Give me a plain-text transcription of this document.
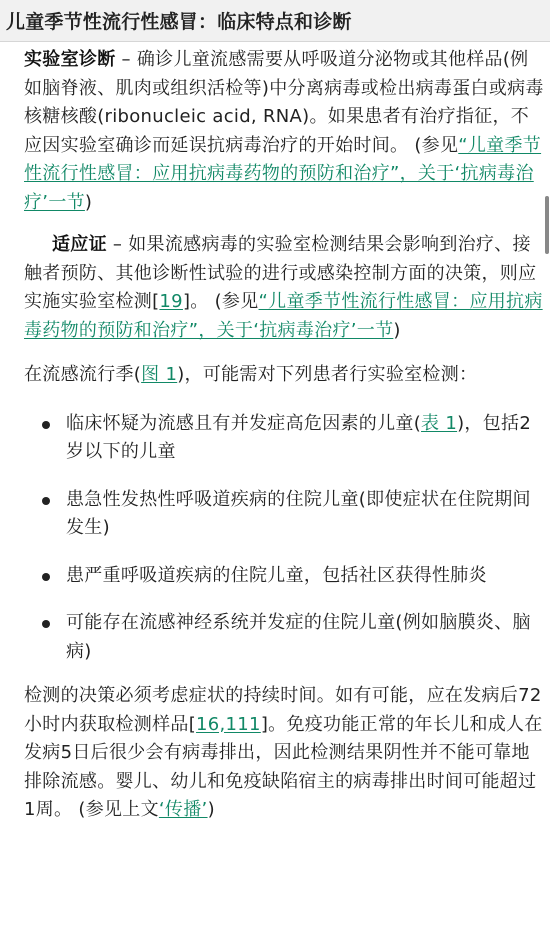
儿童季节性流行性感冒：临床特点和诊断

实验室诊断 – 确诊儿童流感需要从呼吸道分泌物或其他样品(例如脑脊液、肌肉或组织活检等)中分离病毒或检出病毒蛋白或病毒核糖核酸(ribonucleic acid, RNA)。如果患者有治疗指征，不应因实验室确诊而延误抗病毒治疗的开始时间。 (参见“儿童季节性流行性感冒：应用抗病毒药物的预防和治疗”，关于‘抗病毒治疗’一节)

适应证 – 如果流感病毒的实验室检测结果会影响到治疗、接触者预防、其他诊断性试验的进行或感染控制方面的决策，则应实施实验室检测[19]。 (参见“儿童季节性流行性感冒：应用抗病毒药物的预防和治疗”，关于‘抗病毒治疗’一节)

在流感流行季(图 1)，可能需对下列患者行实验室检测：

临床怀疑为流感且有并发症高危因素的儿童(表 1)，包括2岁以下的儿童
患急性发热性呼吸道疾病的住院儿童(即使症状在住院期间发生)
患严重呼吸道疾病的住院儿童，包括社区获得性肺炎
可能存在流感神经系统并发症的住院儿童(例如脑膜炎、脑病)

检测的决策必须考虑症状的持续时间。如有可能，应在发病后72小时内获取检测样品[16,111]。免疫功能正常的年长儿和成人在发病5日后很少会有病毒排出，因此检测结果阴性并不能可靠地排除流感。婴儿、幼儿和免疫缺陷宿主的病毒排出时间可能超过1周。 (参见上文‘传播’)
